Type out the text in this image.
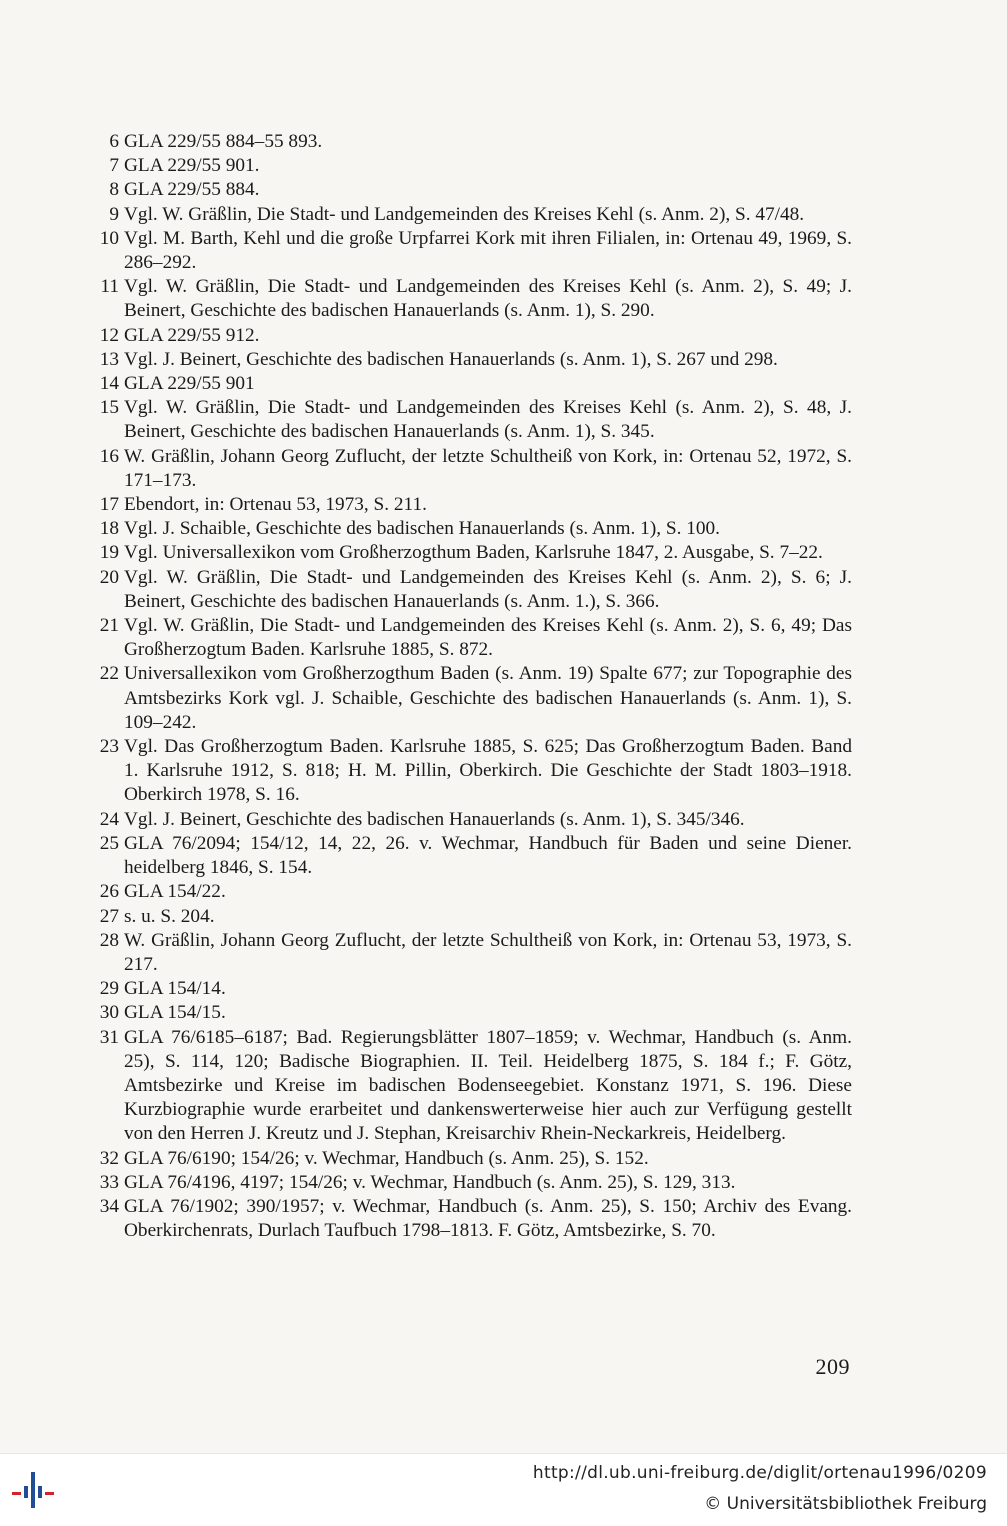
6 GLA 229/55 884–55 893.
7 GLA 229/55 901.
8 GLA 229/55 884.
9 Vgl. W. Gräßlin, Die Stadt- und Landgemeinden des Kreises Kehl (s. Anm. 2), S. 47/48.
10 Vgl. M. Barth, Kehl und die große Urpfarrei Kork mit ihren Filialen, in: Ortenau 49, 1969, S. 286–292.
11 Vgl. W. Gräßlin, Die Stadt- und Landgemeinden des Kreises Kehl (s. Anm. 2), S. 49; J. Beinert, Geschichte des badischen Hanauerlands (s. Anm. 1), S. 290.
12 GLA 229/55 912.
13 Vgl. J. Beinert, Geschichte des badischen Hanauerlands (s. Anm. 1), S. 267 und 298.
14 GLA 229/55 901
15 Vgl. W. Gräßlin, Die Stadt- und Landgemeinden des Kreises Kehl (s. Anm. 2), S. 48, J. Beinert, Geschichte des badischen Hanauerlands (s. Anm. 1), S. 345.
16 W. Gräßlin, Johann Georg Zuflucht, der letzte Schultheiß von Kork, in: Ortenau 52, 1972, S. 171–173.
17 Ebendort, in: Ortenau 53, 1973, S. 211.
18 Vgl. J. Schaible, Geschichte des badischen Hanauerlands (s. Anm. 1), S. 100.
19 Vgl. Universallexikon vom Großherzogthum Baden, Karlsruhe 1847, 2. Ausgabe, S. 7–22.
20 Vgl. W. Gräßlin, Die Stadt- und Landgemeinden des Kreises Kehl (s. Anm. 2), S. 6; J. Beinert, Geschichte des badischen Hanauerlands (s. Anm. 1.), S. 366.
21 Vgl. W. Gräßlin, Die Stadt- und Landgemeinden des Kreises Kehl (s. Anm. 2), S. 6, 49; Das Großherzogtum Baden. Karlsruhe 1885, S. 872.
22 Universallexikon vom Großherzogthum Baden (s. Anm. 19) Spalte 677; zur Topographie des Amtsbezirks Kork vgl. J. Schaible, Geschichte des badischen Hanauerlands (s. Anm. 1), S. 109–242.
23 Vgl. Das Großherzogtum Baden. Karlsruhe 1885, S. 625; Das Großherzogtum Baden. Band 1. Karlsruhe 1912, S. 818; H. M. Pillin, Oberkirch. Die Geschichte der Stadt 1803–1918. Oberkirch 1978, S. 16.
24 Vgl. J. Beinert, Geschichte des badischen Hanauerlands (s. Anm. 1), S. 345/346.
25 GLA 76/2094; 154/12, 14, 22, 26. v. Wechmar, Handbuch für Baden und seine Diener. heidelberg 1846, S. 154.
26 GLA 154/22.
27 s. u. S. 204.
28 W. Gräßlin, Johann Georg Zuflucht, der letzte Schultheiß von Kork, in: Ortenau 53, 1973, S. 217.
29 GLA 154/14.
30 GLA 154/15.
31 GLA 76/6185–6187; Bad. Regierungsblätter 1807–1859; v. Wechmar, Handbuch (s. Anm. 25), S. 114, 120; Badische Biographien. II. Teil. Heidelberg 1875, S. 184 f.; F. Götz, Amtsbezirke und Kreise im badischen Bodenseegebiet. Konstanz 1971, S. 196. Diese Kurzbiographie wurde erarbeitet und dankenswerterweise hier auch zur Verfügung gestellt von den Herren J. Kreutz und J. Stephan, Kreisarchiv Rhein-Neckarkreis, Heidelberg.
32 GLA 76/6190; 154/26; v. Wechmar, Handbuch (s. Anm. 25), S. 152.
33 GLA 76/4196, 4197; 154/26; v. Wechmar, Handbuch (s. Anm. 25), S. 129, 313.
34 GLA 76/1902; 390/1957; v. Wechmar, Handbuch (s. Anm. 25), S. 150; Archiv des Evang. Oberkirchenrats, Durlach Taufbuch 1798–1813. F. Götz, Amtsbezirke, S. 70.
209
http://dl.ub.uni-freiburg.de/diglit/ortenau1996/0209
© Universitätsbibliothek Freiburg
